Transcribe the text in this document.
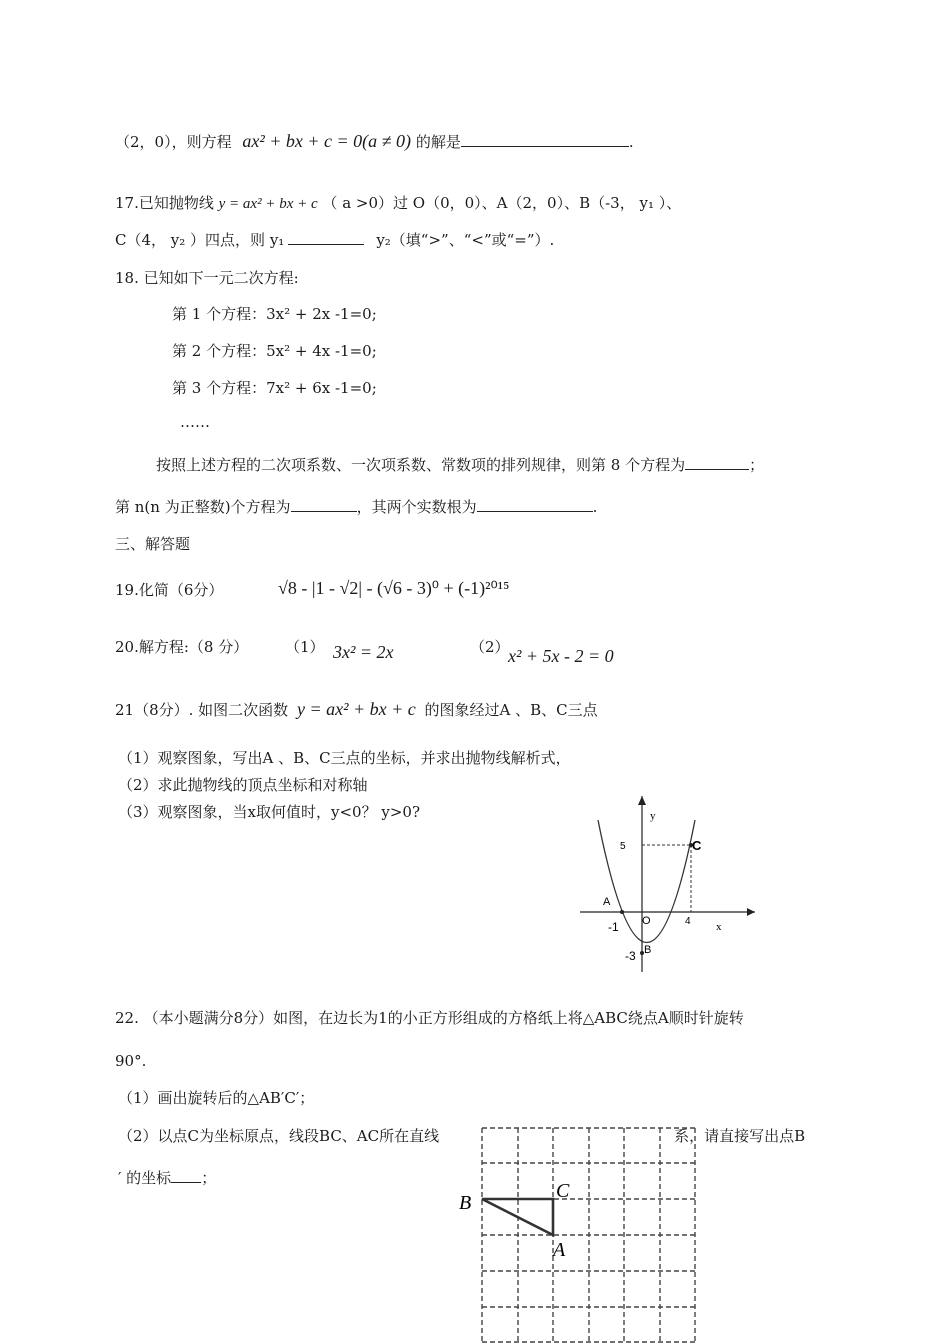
（2，0），则方程 ax² + bx + c = 0(a ≠ 0) 的解是	.
17.已知抛物线 y = ax² + bx + c （ a >0）过 O（0，0）、A（2，0）、B（-3， y₁ ）、
C（4， y₂ ）四点，则 y₁	y₂（填“>”、“<”或“=”）.
18. 已知如下一元二次方程:
第 1 个方程：3x² + 2x -1=0;
第 2 个方程：5x² + 4x -1=0;
第 3 个方程：7x² + 6x -1=0;
……
按照上述方程的二次项系数、一次项系数、常数项的排列规律，则第 8 个方程为	；
第 n(n 为正整数)个方程为	，其两个实数根为	.
三、解答题
19.化简（6分）	√8 - |1 - √2| - (√6 - 3)⁰ + (-1)²⁰¹⁵
20.解方程:（8 分） （1） 3x² = 2x	（2）
x² + 5x - 2 = 0
21（8分）. 如图二次函数 y = ax² + bx + c 的图象经过A 、B、C三点
（1）观察图象，写出A 、B、C三点的坐标，并求出抛物线解析式，
（2）求此抛物线的顶点坐标和对称轴
（3）观察图象，当x取何值时，y<0？ y>0?	y
x
O
5
4
-1
-3
A
B
C
22. （本小题满分8分）如图，在边长为1的小正方形组成的方格纸上将△ABC绕点A顺时针旋转
90°.
（1）画出旋转后的△AB′C′；
（2）以点C为坐标原点，线段BC、AC所在直线	系，请直接写出点B
′ 的坐标 ；
B
C
A
